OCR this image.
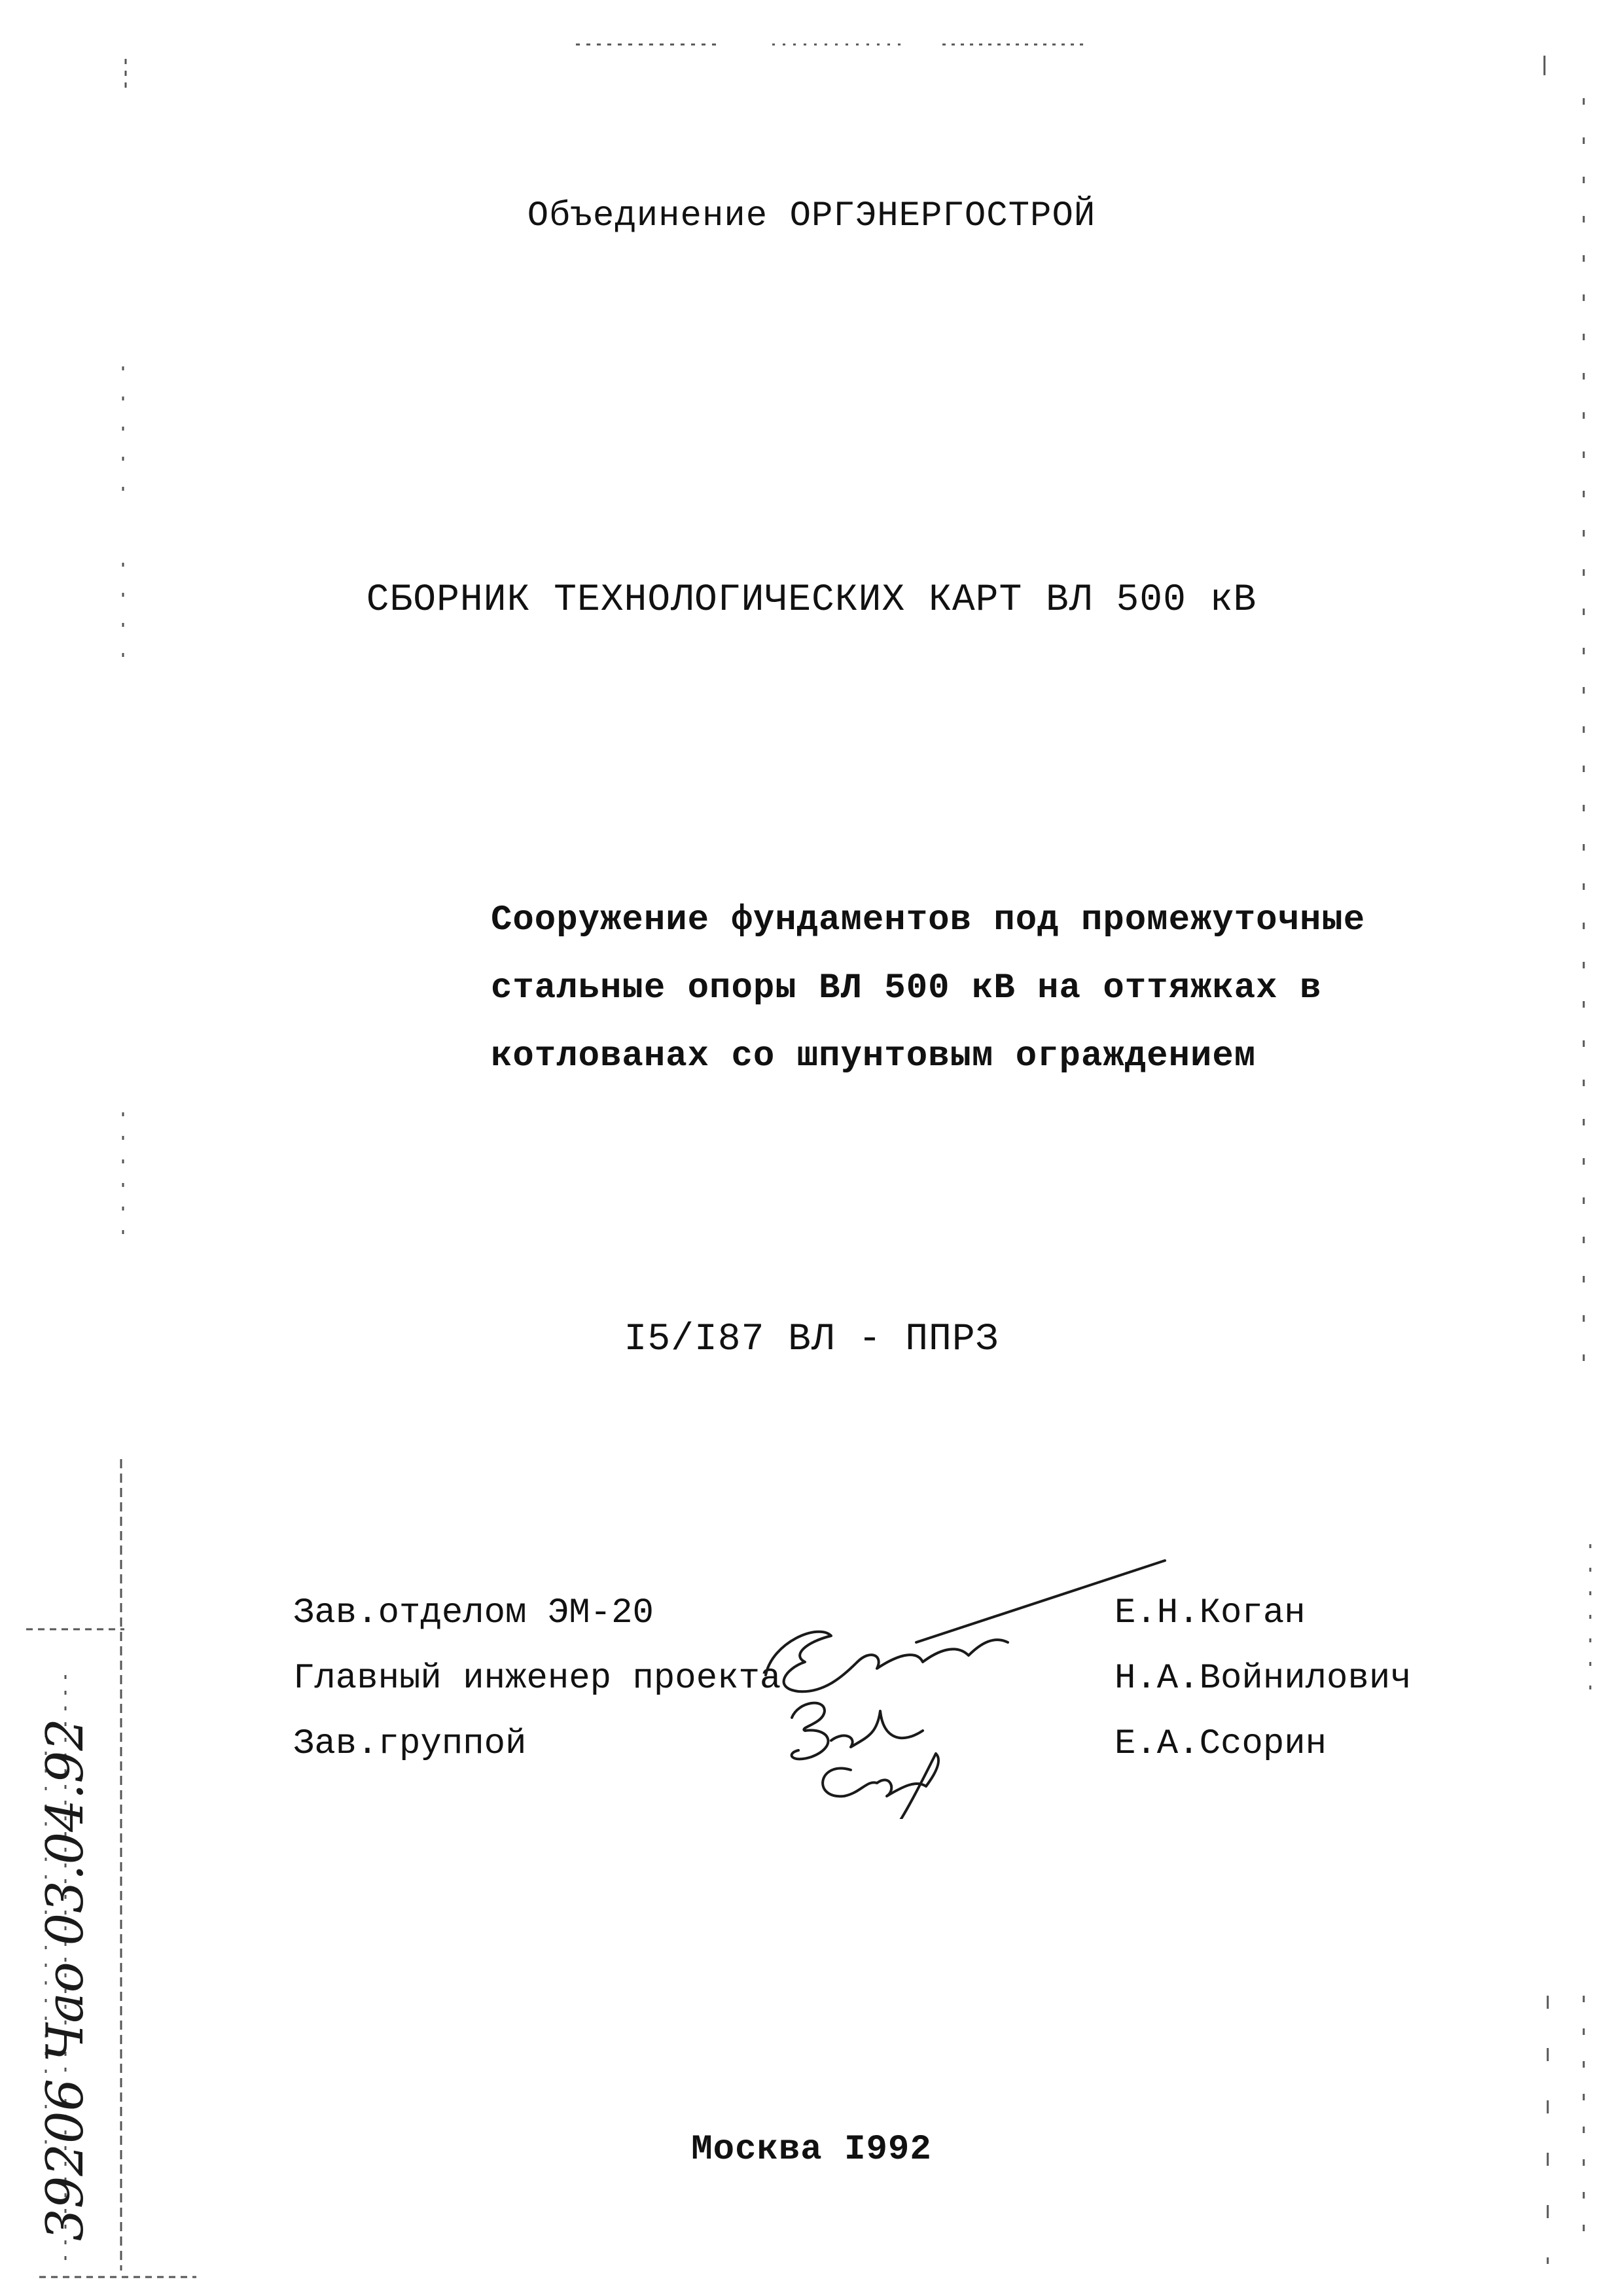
Объединение ОРГЭНЕРГОСТРОЙ
СБОРНИК ТЕХНОЛОГИЧЕСКИХ КАРТ ВЛ 500 кВ
Сооружение фундаментов под промежуточные
стальные опоры ВЛ 500 кВ на оттяжках в
котлованах со шпунтовым ограждением
I5/I87 ВЛ - ППРЗ
Зав.отделом ЭМ-20	Е.Н.Коган
Главный инженер проекта	Н.А.Войнилович
Зав.группой	Е.А.Ссорин
Москва I992
39206 Чао 03.04.92
